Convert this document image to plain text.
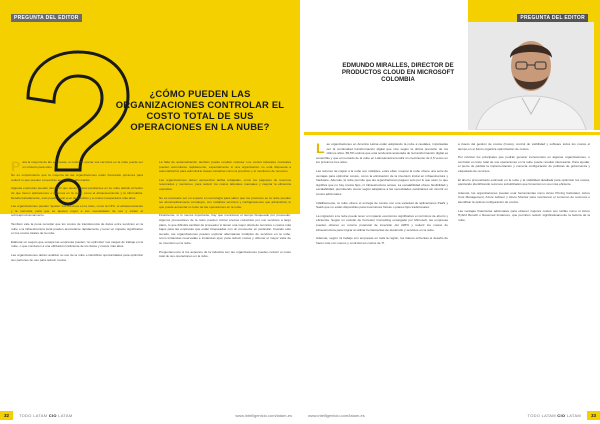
PREGUNTA DEL EDITOR
¿CÓMO PUEDEN LAS ORGANIZACIONES CONTROLAR EL COSTO TOTAL DE SUS OPERACIONES EN LA NUBE?

Para la mayoría de las empresas, el costo de operar sus servicios en la nube puede ser un misterio para ellos.

No es sorprendente que la mayoría de las organizaciones están buscando opciones para reducir lo que pueden convertirse en un costo abrumador.

Algunas empresas pueden descubrir que tienen costos pendientes en su nube debido al hecho de que tienen aplicaciones o recursos en la nube, como el almacenamiento y la informática. Desafortunadamente, esto puede llevar a un desperdicio y a costos inesperados más altos.

Las organizaciones pueden 'ajustar' sus recursos en la nube, como la CPU, el almacenamiento y la memoria, para que se ajusten mejor a sus necesidades de uso y eviten el sobreaprovisionamiento.

También vale la pena recordar que los costos de transferencia de datos entre servicios en la nube o la infraestructura local pueden acumularse rápidamente y tener un impacto significativo en los costos totales de la nube.

Elaborar un seguro que escape las empresas pueden 'no optimizar' sus cargas de trabajo en la nube, o que conducen a una utilización ineficiente de los datos y costos más altos.

Las organizaciones deben analizar su uso de la nube e identificar oportunidades para optimizar sus patrones de uso para reducir costos.

La falta de automatización también puede resultar costosa. Los costos laborales manuales pueden acumularse rápidamente, especialmente si una organización no está dispuesta a automatizarlos para administrar tareas rutinarias como la provisión y el monitoreo de recursos.

Las organizaciones deben aprovechar tarifas rebajadas, como los paquetes de recursos reservados y monitoreo, para reducir los costos laborales manuales y mejorar la eficiencia operativa.

No es necesario ser un experto en tecnología para saber que los procesos en la nube pueden ser abrumadoramente complejos, con múltiples servicios y configuraciones que administrar, lo que puede aumentar el costo de las operaciones en la nube.

Finalmente, si lo menos importante, hay que mencionar el tiempo bloqueado por proveedor. Algunos proveedores de la nube pueden cobrar precios reducidos por sus servicios a largo plazo, lo que dificulta cambiar de proveedor si tienen una mejor oferta de servicios o costos más bajos para las empresas que están bloqueadas con un proveedor en particular. Cuando esto sucede, las organizaciones pueden explorar alternativas múltiples de servicios en la nube, como instancias reservadas e instancias spot, para reducir costos y obtener el mayor valor de su inversión en la nube.

Preguntémonos si los aspectos de la industria son las organizaciones pueden reducir el costo total de sus operaciones en la nube.

32	TODO LATAM CIO LATAM	www.intelligentcio.com/latam-es
PREGUNTA DEL EDITOR
EDMUNDO MIRALLES, DIRECTOR DE PRODUCTOS CLOUD EN MICROSOFT COLOMBIA

Las organizaciones en América Latina están adoptando la nube a raudales, impulsadas por la continuidad transformación digital que vive según la última previsión de los últimos años. 89,5% estima que esta tendencia acelerada de la transformación digital es sostenible y que el mercado de la nube en Latinoamérica tendrá un crecimiento de 2,5 veces en los próximos tres años.

Las razones de migrar a la nube son múltiples, entre ellas: mejorar la nube ofrece una serie de ventajas para optimizar costos, como la eliminación de la inversión inicial en infraestructura y hardware. Además, la nube permite que las organizaciones paguen solo por lo que usan, lo que significa que no hay costos fijos, ni infraestructura ociosa. La escalabilidad ofrece flexibilidad y escalabilidad, permitiendo crecer según adaptarse a las necesidades cambiantes sin incurrir en costos adicionales.

Infaliblemente, la nube ofrece el entrega de costos con una variedad de aplicaciones PaaS y SaaS que no están disponibles para inversiones físicas o planes fijos tradicionales.

La migración a la nube puede tener un impacto económico significativo en términos de ahorro y eficiencia. Según un estudio de Forrester Consulting encargado por Microsoft, las empresas pueden obtener un retorno potencial de inversión del 228% y reducir los costos de infraestructura para migrar al utilizar herramientas de desarrollo y servicios en la nube.

Además, según mi trabajo con empresas en toda la región, los líderes enfrentan el desafío de hacer más con menos y controlar los costos de TI.

a través del gestión de costos (Costo), control de visibilidad y software todos los costos el tiempo en el futuro organiza optimización de costos.

Por rubricar los principales que podrán generar incrementos en algunas organizaciones, o controlar el costo total de sus operaciones en la nube puede resultar interesante. Para ayudar, el punto de partida la implementación y correcta configuración de políticas de gobernanza y etiquetado de recursos.

El ahorro pronosticado estimado en la nube y la visibilidad detallada para optimizar los costos, aportando identificando recursos subutilizados que fomentan un uso más eficiente.

Además, las organizaciones pueden usar herramientas como Azure Pricing Calculator, Azure Cost Management, Azure Advisor y Azure Monitor para monitorear el consumo de recursos e identificar la óptima configuración de costos.

Las ventajas financieras adicionales para obtener mejores costos son tarifas como el Azure Hybrid Benefit o Reserved Instances, que permiten reducir significativamente la factura de la nube.

www.intelligentcio.com/latam-es	TODO LATAM CIO LATAM	33
